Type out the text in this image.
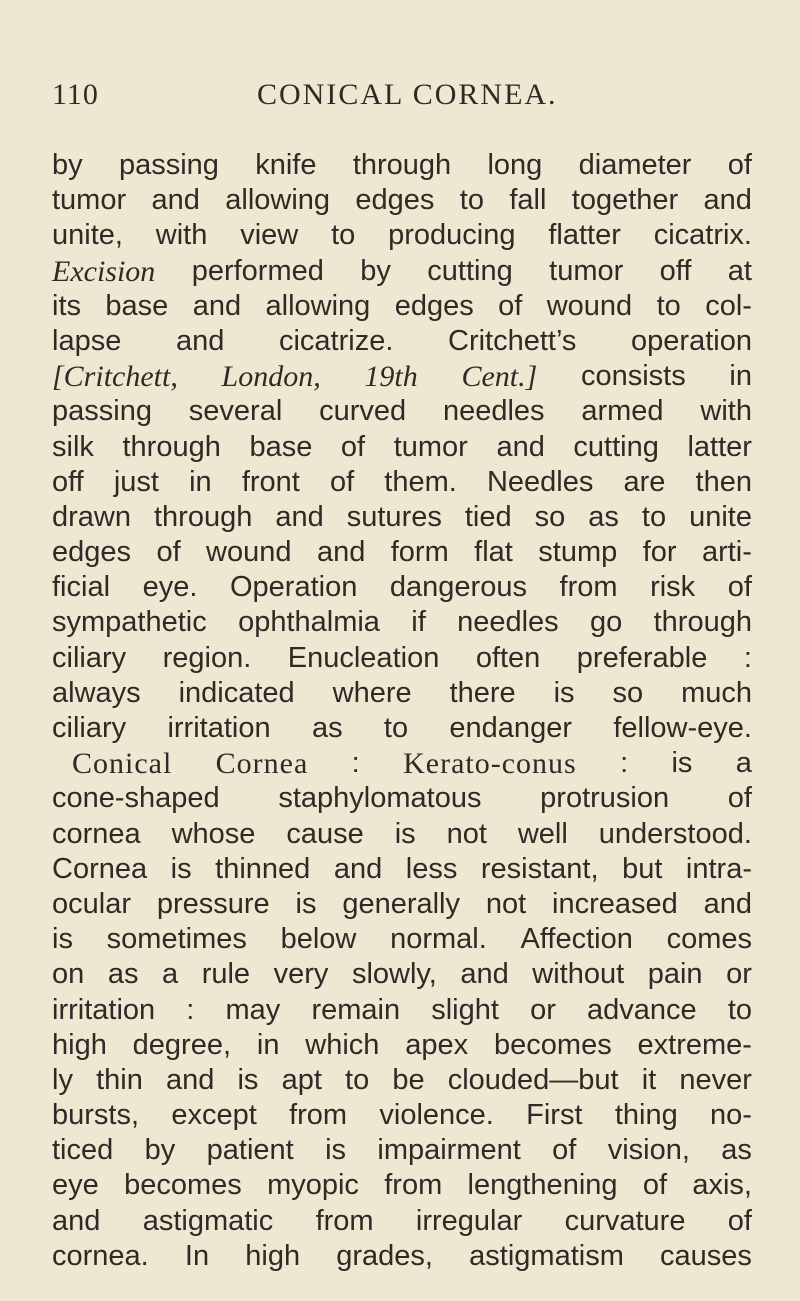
110	CONICAL CORNEA.
by passing knife through long diameter of
tumor and allowing edges to fall together and
unite, with view to producing flatter cicatrix.
Excision performed by cutting tumor off at
its base and allowing edges of wound to col-
lapse and cicatrize. Critchett’s operation
[Critchett, London, 19th Cent.] consists in
passing several curved needles armed with
silk through base of tumor and cutting latter
off just in front of them. Needles are then
drawn through and sutures tied so as to unite
edges of wound and form flat stump for arti-
ficial eye. Operation dangerous from risk of
sympathetic ophthalmia if needles go through
ciliary region. Enucleation often preferable :
always indicated where there is so much
ciliary irritation as to endanger fellow-eye.
Conical Cornea : Kerato-conus : is a
cone-shaped staphylomatous protrusion of
cornea whose cause is not well understood.
Cornea is thinned and less resistant, but intra-
ocular pressure is generally not increased and
is sometimes below normal. Affection comes
on as a rule very slowly, and without pain or
irritation : may remain slight or advance to
high degree, in which apex becomes extreme-
ly thin and is apt to be clouded—but it never
bursts, except from violence. First thing no-
ticed by patient is impairment of vision, as
eye becomes myopic from lengthening of axis,
and astigmatic from irregular curvature of
cornea. In high grades, astigmatism causes
